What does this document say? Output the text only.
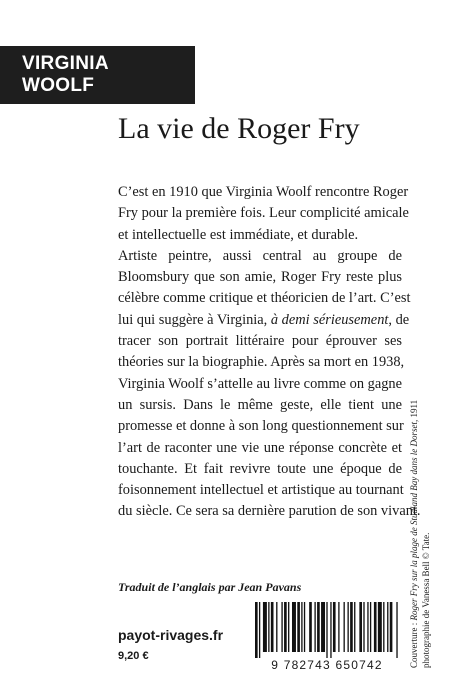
VIRGINIA
WOOLF
La vie de Roger Fry
C’est en 1910 que Virginia Woolf rencontre Roger
Fry pour la première fois. Leur complicité amicale
et intellectuelle est immédiate, et durable.
Artiste peintre, aussi central au groupe de
Bloomsbury que son amie, Roger Fry reste plus
célèbre comme critique et théoricien de l’art. C’est
lui qui suggère à Virginia, à demi sérieusement, de
tracer son portrait littéraire pour éprouver ses
théories sur la biographie. Après sa mort en 1938,
Virginia Woolf s’attelle au livre comme on gagne
un sursis. Dans le même geste, elle tient une
promesse et donne à son long questionnement sur
l’art de raconter une vie une réponse concrète et
touchante. Et fait revivre toute une époque de
foisonnement intellectuel et artistique au tournant
du siècle. Ce sera sa dernière parution de son vivant.

Traduit de l’anglais par Jean Pavans

payot-rivages.fr

9,20 €

9 782743 650742	Couverture : Roger Fry sur la plage de Studland Bay dans le Dorset, 1911
photographie de Vanessa Bell © Tate.
